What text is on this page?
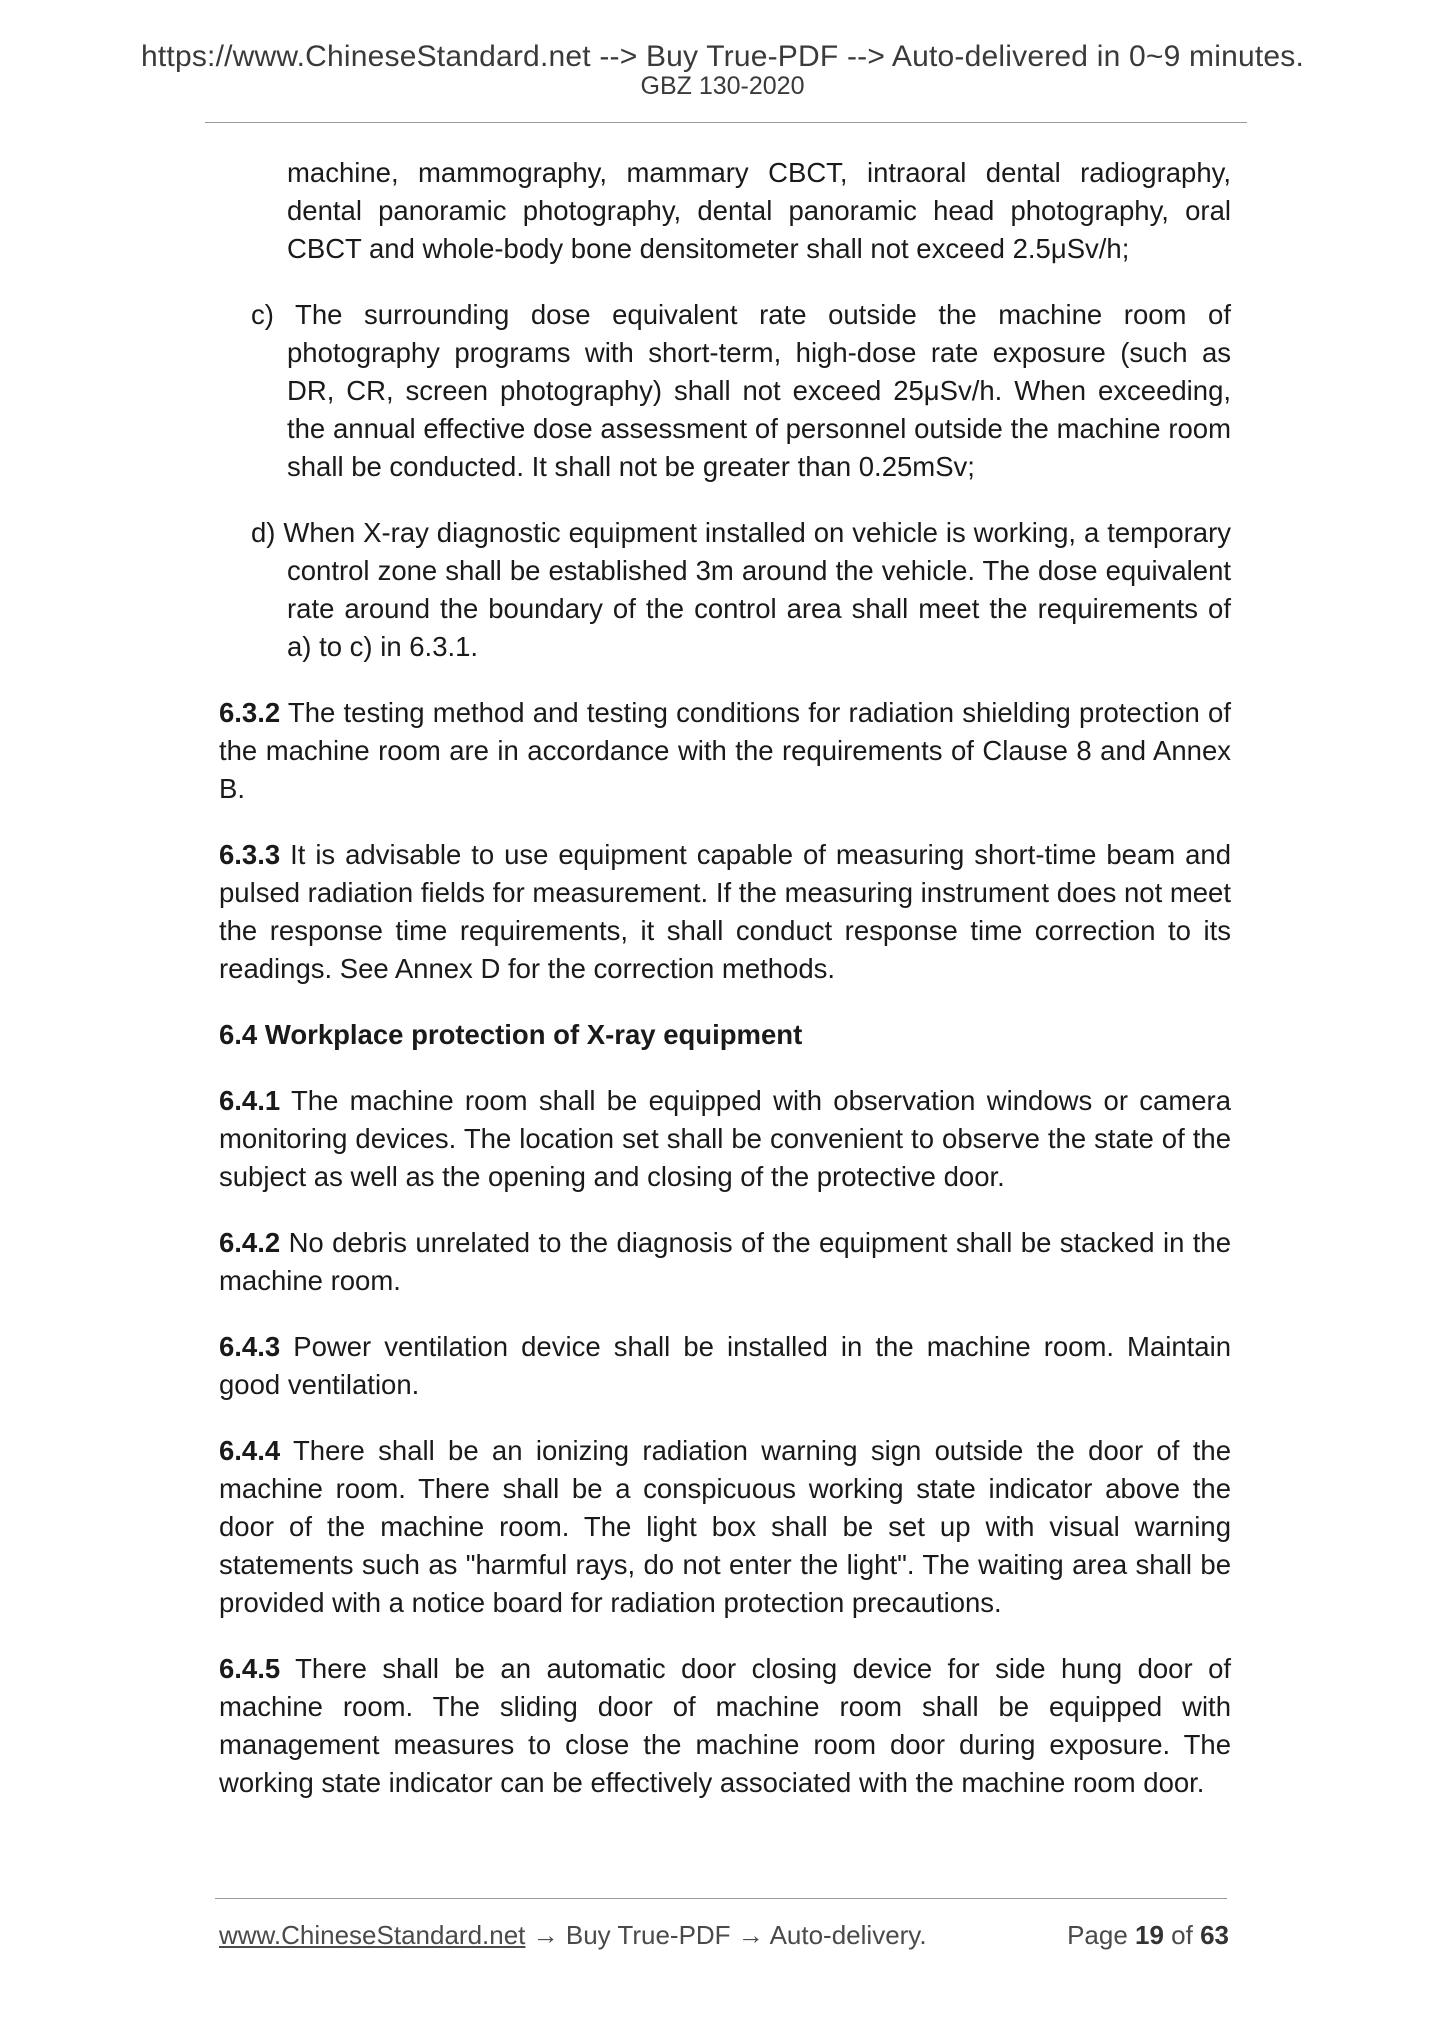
https://www.ChineseStandard.net --> Buy True-PDF --> Auto-delivered in 0~9 minutes.
GBZ 130-2020

machine, mammography, mammary CBCT, intraoral dental radiography, dental panoramic photography, dental panoramic head photography, oral CBCT and whole-body bone densitometer shall not exceed 2.5μSv/h;

c) The surrounding dose equivalent rate outside the machine room of photography programs with short-term, high-dose rate exposure (such as DR, CR, screen photography) shall not exceed 25μSv/h. When exceeding, the annual effective dose assessment of personnel outside the machine room shall be conducted. It shall not be greater than 0.25mSv;

d) When X-ray diagnostic equipment installed on vehicle is working, a temporary control zone shall be established 3m around the vehicle. The dose equivalent rate around the boundary of the control area shall meet the requirements of a) to c) in 6.3.1.

6.3.2 The testing method and testing conditions for radiation shielding protection of the machine room are in accordance with the requirements of Clause 8 and Annex B.

6.3.3 It is advisable to use equipment capable of measuring short-time beam and pulsed radiation fields for measurement. If the measuring instrument does not meet the response time requirements, it shall conduct response time correction to its readings. See Annex D for the correction methods.

6.4 Workplace protection of X-ray equipment

6.4.1 The machine room shall be equipped with observation windows or camera monitoring devices. The location set shall be convenient to observe the state of the subject as well as the opening and closing of the protective door.

6.4.2 No debris unrelated to the diagnosis of the equipment shall be stacked in the machine room.

6.4.3 Power ventilation device shall be installed in the machine room. Maintain good ventilation.

6.4.4 There shall be an ionizing radiation warning sign outside the door of the machine room. There shall be a conspicuous working state indicator above the door of the machine room. The light box shall be set up with visual warning statements such as "harmful rays, do not enter the light". The waiting area shall be provided with a notice board for radiation protection precautions.

6.4.5 There shall be an automatic door closing device for side hung door of machine room. The sliding door of machine room shall be equipped with management measures to close the machine room door during exposure. The working state indicator can be effectively associated with the machine room door.

www.ChineseStandard.net → Buy True-PDF → Auto-delivery.	Page 19 of 63
